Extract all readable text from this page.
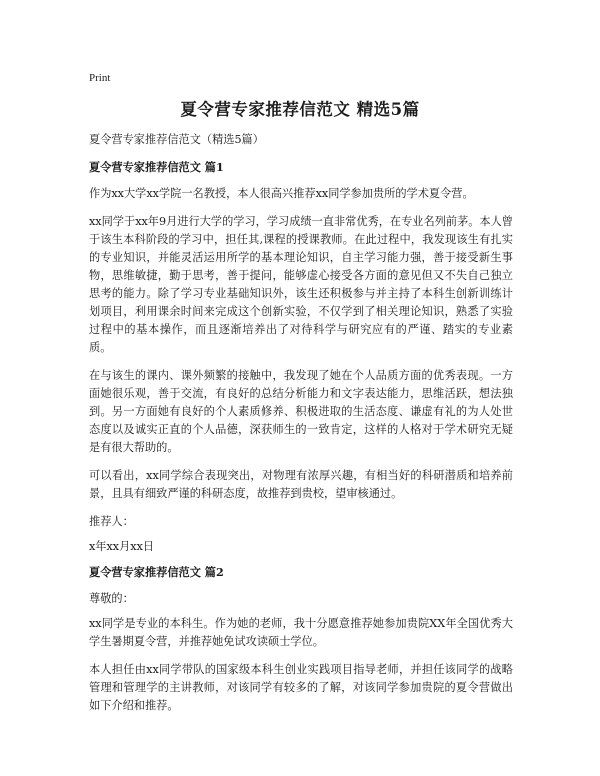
Print
夏令营专家推荐信范文 精选5篇

夏令营专家推荐信范文（精选5篇）

夏令营专家推荐信范文 篇1

作为xx大学xx学院一名教授，本人很高兴推荐xx同学参加贵所的学术夏令营。

xx同学于xx年9月进行大学的学习，学习成绩一直非常优秀，在专业名列前茅。本人曾于该生本科阶段的学习中，担任其,课程的授课教师。在此过程中，我发现该生有扎实的专业知识，并能灵活运用所学的基本理论知识，自主学习能力强，善于接受新生事物，思维敏捷，勤于思考，善于提问，能够虚心接受各方面的意见但又不失自己独立思考的能力。除了学习专业基础知识外，该生还积极参与并主持了本科生创新训练计划项目，利用课余时间来完成这个创新实验，不仅学到了相关理论知识，熟悉了实验过程中的基本操作，而且逐渐培养出了对待科学与研究应有的严谨、踏实的专业素质。

在与该生的课内、课外频繁的接触中，我发现了她在个人品质方面的优秀表现。一方面她很乐观，善于交流，有良好的总结分析能力和文字表达能力，思维活跃，想法独到。另一方面她有良好的个人素质修养、积极进取的生活态度、谦虚有礼的为人处世态度以及诚实正直的个人品德，深获师生的一致肯定，这样的人格对于学术研究无疑是有很大帮助的。

可以看出，xx同学综合表现突出，对物理有浓厚兴趣，有相当好的科研潜质和培养前景，且具有细致严谨的科研态度，故推荐到贵校，望审核通过。

推荐人：

x年xx月xx日

夏令营专家推荐信范文 篇2

尊敬的：

xx同学是专业的本科生。作为她的老师，我十分愿意推荐她参加贵院XX年全国优秀大学生暑期夏令营，并推荐她免试攻读硕士学位。

本人担任由xx同学带队的国家级本科生创业实践项目指导老师，并担任该同学的战略管理和管理学的主讲教师，对该同学有较多的了解，对该同学参加贵院的夏令营做出如下介绍和推荐。
